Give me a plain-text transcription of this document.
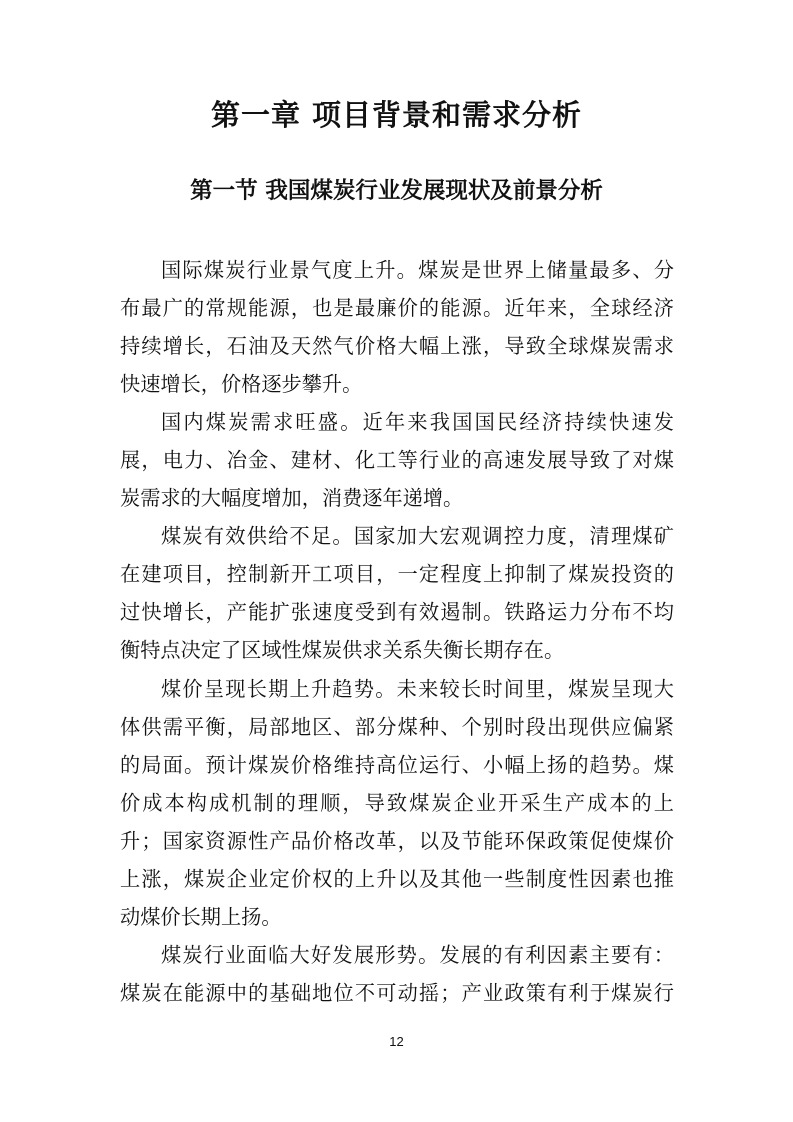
第一章 项目背景和需求分析
第一节 我国煤炭行业发展现状及前景分析
国际煤炭行业景气度上升。煤炭是世界上储量最多、分
布最广的常规能源，也是最廉价的能源。近年来，全球经济
持续增长，石油及天然气价格大幅上涨，导致全球煤炭需求
快速增长，价格逐步攀升。
国内煤炭需求旺盛。近年来我国国民经济持续快速发
展，电力、冶金、建材、化工等行业的高速发展导致了对煤
炭需求的大幅度增加，消费逐年递增。
煤炭有效供给不足。国家加大宏观调控力度，清理煤矿
在建项目，控制新开工项目，一定程度上抑制了煤炭投资的
过快增长，产能扩张速度受到有效遏制。铁路运力分布不均
衡特点决定了区域性煤炭供求关系失衡长期存在。
煤价呈现长期上升趋势。未来较长时间里，煤炭呈现大
体供需平衡，局部地区、部分煤种、个别时段出现供应偏紧
的局面。预计煤炭价格维持高位运行、小幅上扬的趋势。煤
价成本构成机制的理顺，导致煤炭企业开采生产成本的上
升；国家资源性产品价格改革，以及节能环保政策促使煤价
上涨，煤炭企业定价权的上升以及其他一些制度性因素也推
动煤价长期上扬。
煤炭行业面临大好发展形势。发展的有利因素主要有：
煤炭在能源中的基础地位不可动摇；产业政策有利于煤炭行
12
